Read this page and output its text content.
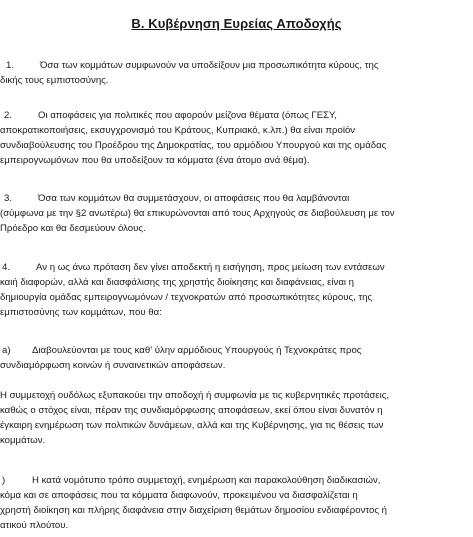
Β. Κυβέρνηση Ευρείας Αποδοχής
1.	Όσα των κομμάτων συμφωνούν να υποδείξουν μια προσωπικότητα κύρους, της
δικής τους εμπιστοσύνης.
2.	Οι αποφάσεις για πολιτικές που αφορούν μείζονα θέματα (όπως ΓΕΣΥ,
αποκρατικοποιήσεις, εκσυγχρονισμό του Κράτους, Κυπριακό, κ.λπ.) θα είναι προϊόν
συνδιαβούλευσης του Προέδρου της Δημοκρατίας, του αρμόδιου Υπουργού και της ομάδας
εμπειρογνωμόνων που θα υποδείξουν τα κόμματα (ένα άτομο ανά θέμα).
3.	Όσα των κομμάτων θα συμμετάσχουν, οι αποφάσεις που θα λαμβάνονται
(σύμφωνα με την §2 ανωτέρω) θα επικυρώνονται από τους Αρχηγούς σε διαβούλευση με τον
Πρόεδρο και θα δεσμεύουν όλους.
4.	Αν η ως άνω πρόταση δεν γίνει αποδεκτή η εισήγηση, προς μείωση των εντάσεων
καιή διαφορών, αλλά και διασφάλισης της χρηστής διοίκησης και διαφάνειας, είναι η
δημιουργία ομάδας εμπειρογνωμόνων / τεχνοκρατών από προσωπικότητες κύρους, της
εμπιστοσύνης των κομμάτων, που θα:
a) Διαβουλεύονται με τους καθ' ύλην αρμόδιους Υπουργούς ή Τεχνοκράτες προς
συνδιαμόρφωση κοινών ή συναινετικών αποφάσεων.
Η συμμετοχή ουδόλως εξυπακούει την αποδοχή ή συμφωνία με τις κυβερνητικές προτάσεις,
καθώς ο στόχος είναι, πέραν της συνδιαμόρφωσης αποφάσεων, εκεί όπου είναι δυνατόν η
έγκαιρη ενημέρωση των πολιτικών δυνάμεων, αλλά και της Κυβέρνησης, για τις θέσεις των
κομμάτων.
)	Η κατά νομότυπο τρόπο συμμετοχή, ενημέρωση και παρακολούθηση διαδικασιών,
κόμα και σε αποφάσεις που τα κόμματα διαφωνούν, προκειμένου να διασφαλίζεται η
χρηστή διοίκηση και πλήρης διαφάνεια στην διαχείριση θεμάτων δημοσίου ενδιαφέροντος ή
ατικού πλούτου.
